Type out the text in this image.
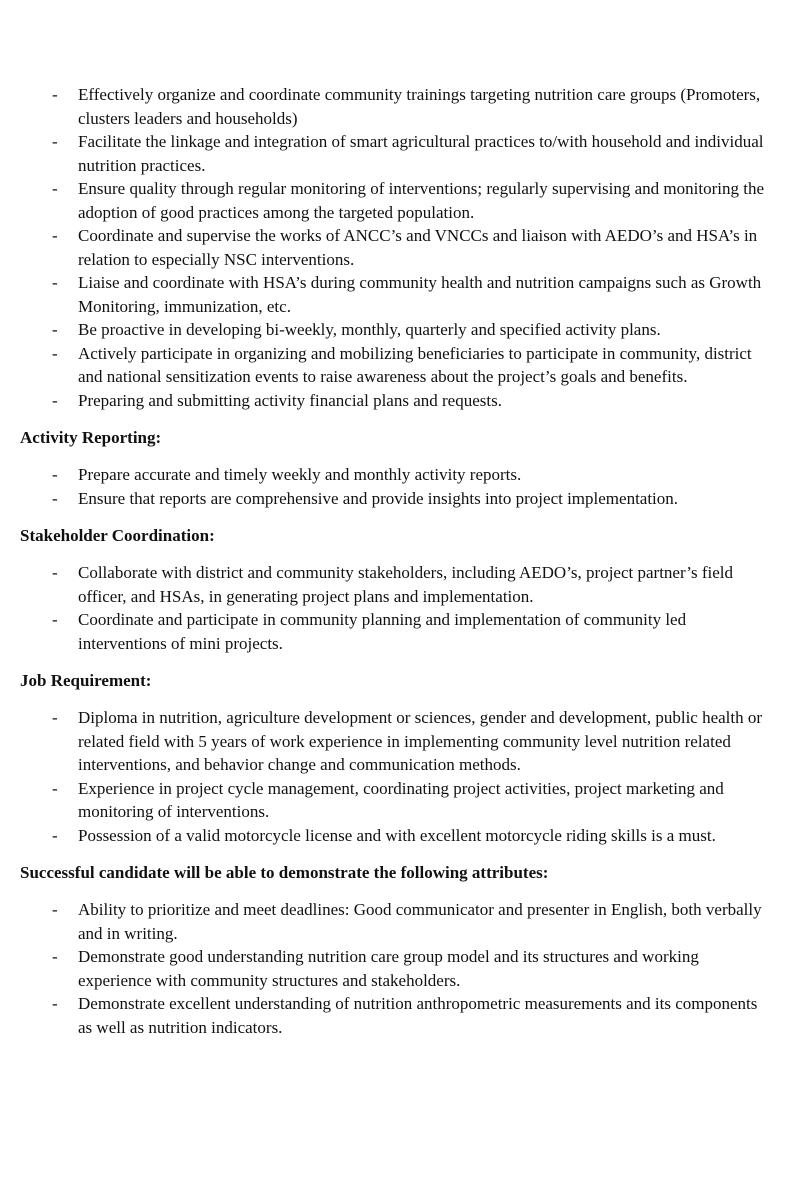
- Effectively organize and coordinate community trainings targeting nutrition care groups (Promoters, clusters leaders and households)
- Facilitate the linkage and integration of smart agricultural practices to/with household and individual nutrition practices.
- Ensure quality through regular monitoring of interventions; regularly supervising and monitoring the adoption of good practices among the targeted population.
- Coordinate and supervise the works of ANCC’s and VNCCs and liaison with AEDO’s and HSA’s in relation to especially NSC interventions.
- Liaise and coordinate with HSA’s during community health and nutrition campaigns such as Growth Monitoring, immunization, etc.
- Be proactive in developing bi-weekly, monthly, quarterly and specified activity plans.
- Actively participate in organizing and mobilizing beneficiaries to participate in community, district and national sensitization events to raise awareness about the project’s goals and benefits.
- Preparing and submitting activity financial plans and requests.
Activity Reporting:
- Prepare accurate and timely weekly and monthly activity reports.
- Ensure that reports are comprehensive and provide insights into project implementation.
Stakeholder Coordination:
- Collaborate with district and community stakeholders, including AEDO’s, project partner’s field officer, and HSAs, in generating project plans and implementation.
- Coordinate and participate in community planning and implementation of community led interventions of mini projects.
Job Requirement:
- Diploma in nutrition, agriculture development or sciences, gender and development, public health or related field with 5 years of work experience in implementing community level nutrition related interventions, and behavior change and communication methods.
- Experience in project cycle management, coordinating project activities, project marketing and monitoring of interventions.
- Possession of a valid motorcycle license and with excellent motorcycle riding skills is a must.
Successful candidate will be able to demonstrate the following attributes:
- Ability to prioritize and meet deadlines: Good communicator and presenter in English, both verbally and in writing.
- Demonstrate good understanding nutrition care group model and its structures and working experience with community structures and stakeholders.
- Demonstrate excellent understanding of nutrition anthropometric measurements and its components as well as nutrition indicators.
